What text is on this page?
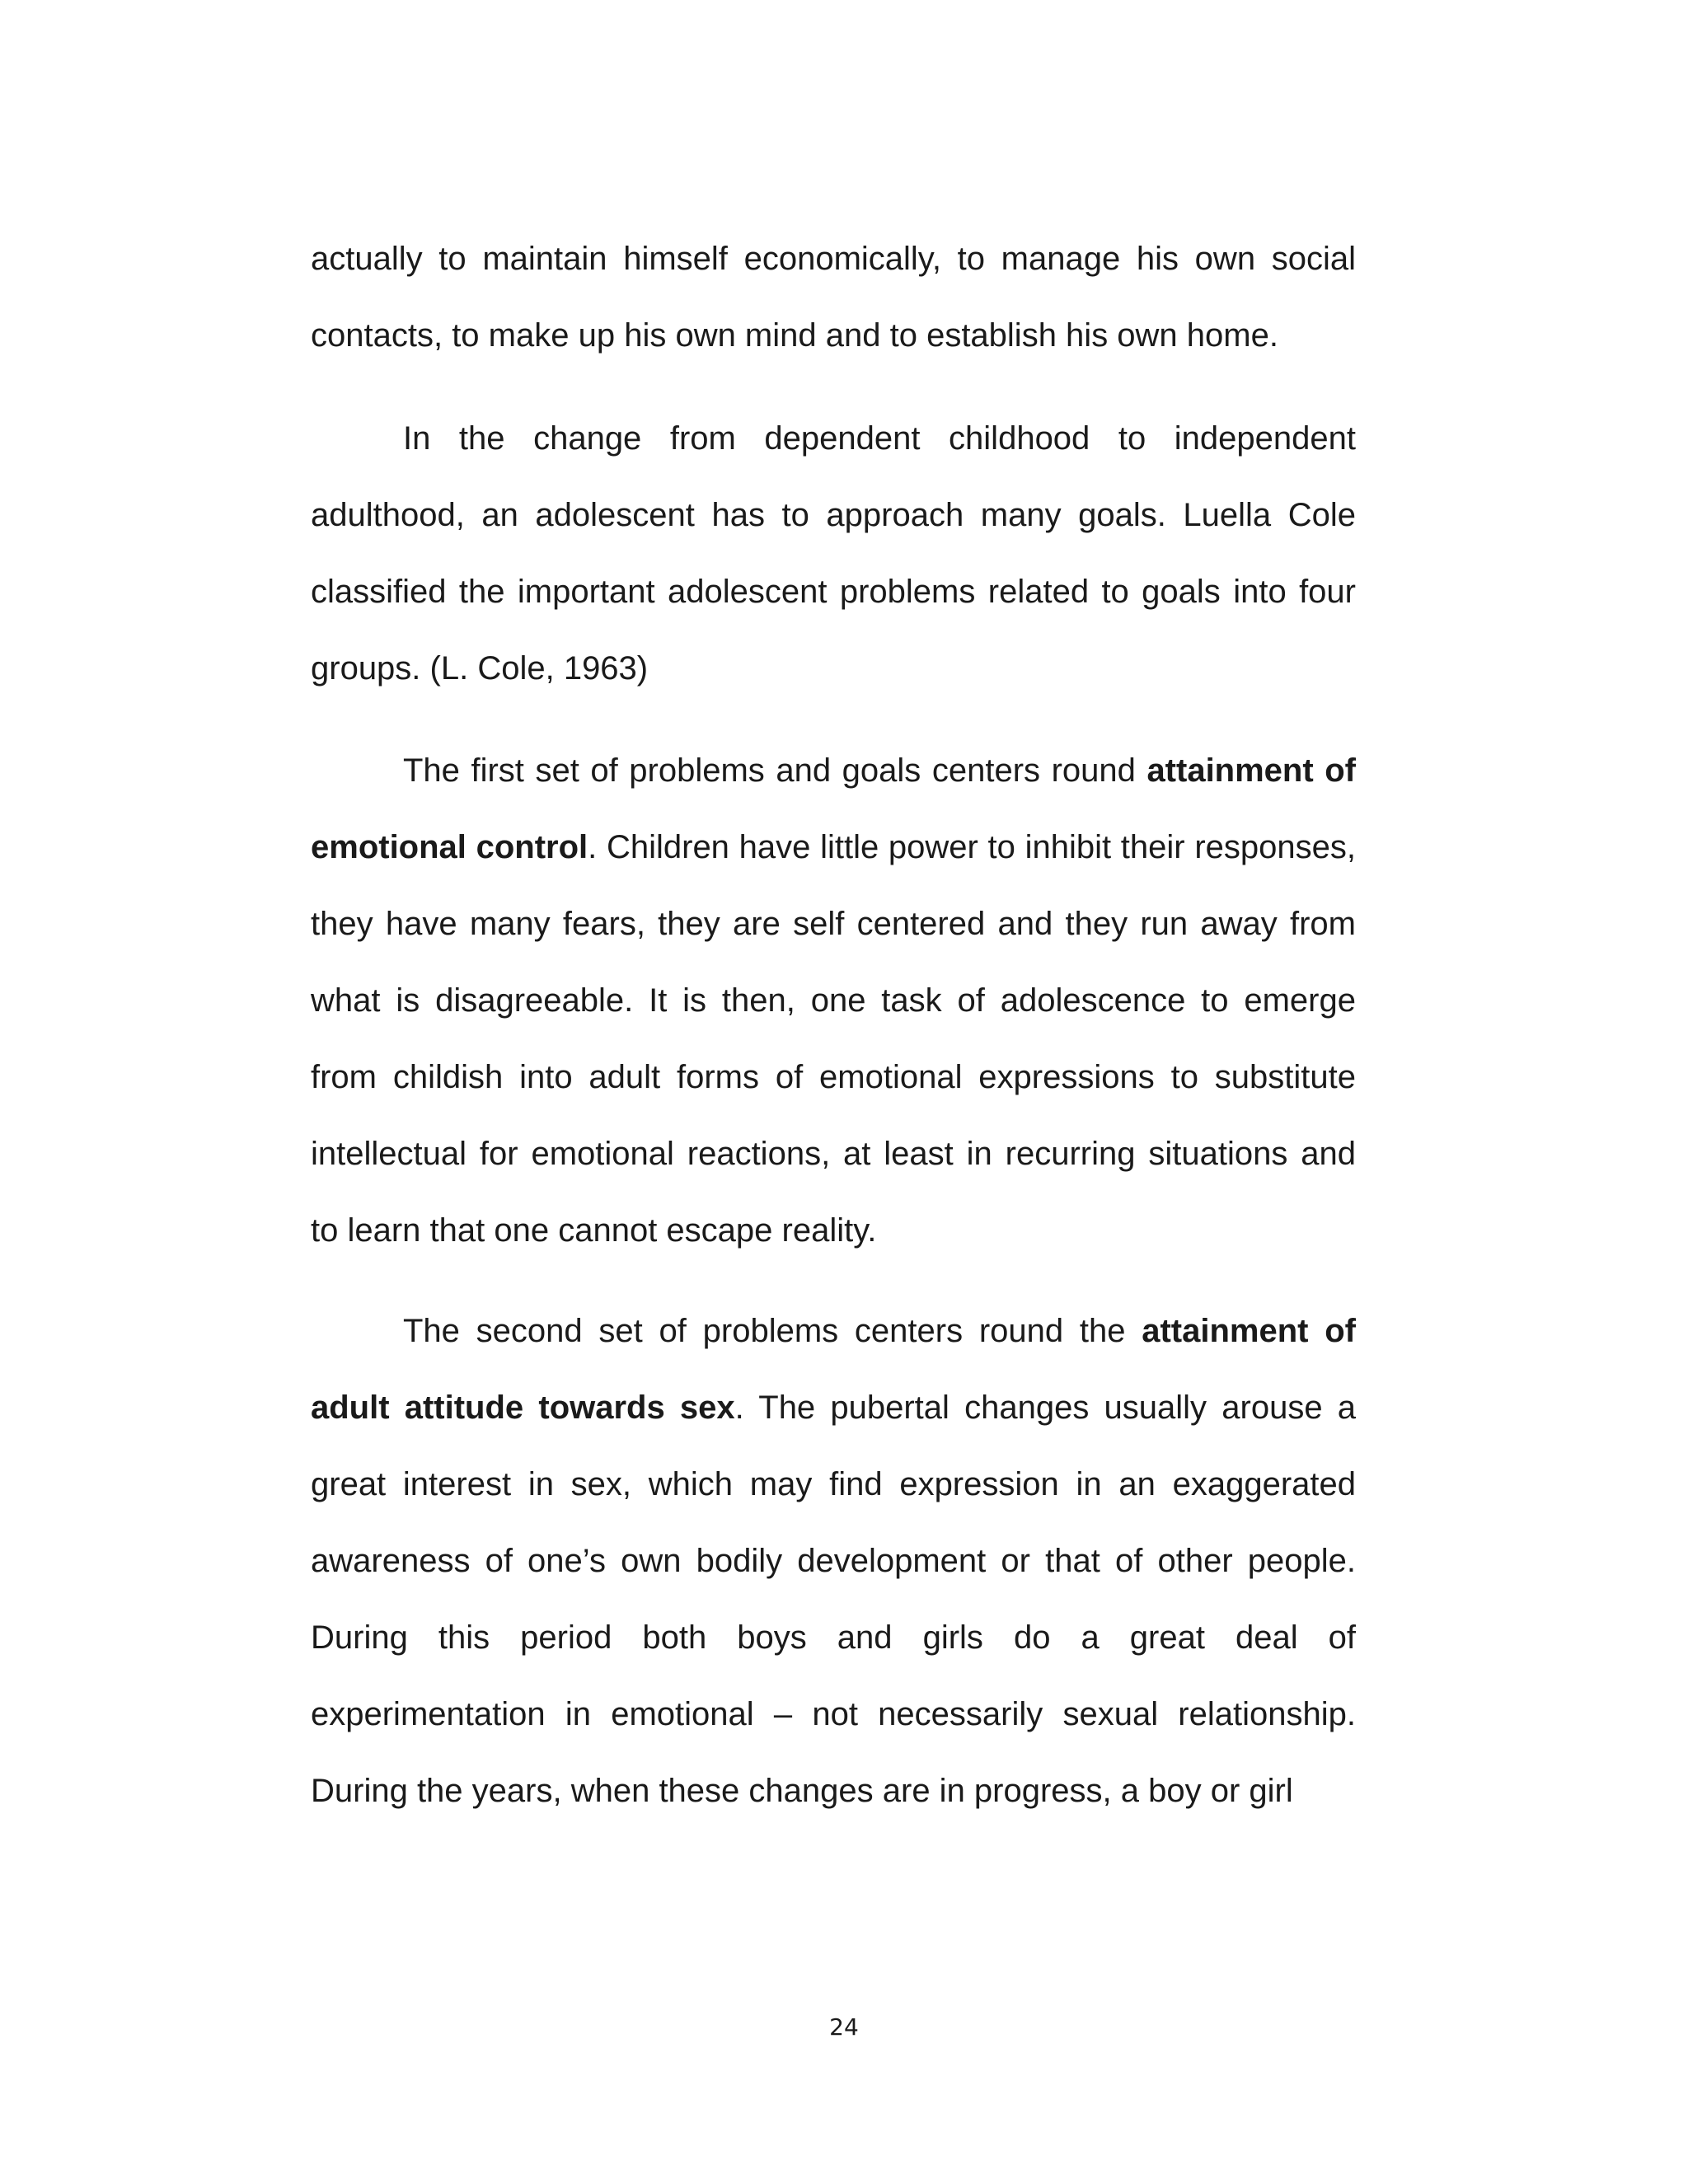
actually to maintain himself economically, to manage his own social contacts, to make up his own mind and to establish his own home.

In the change from dependent childhood to independent adulthood, an adolescent has to approach many goals. Luella Cole classified the important adolescent problems related to goals into four groups. (L. Cole, 1963)

The first set of problems and goals centers round attainment of emotional control. Children have little power to inhibit their responses, they have many fears, they are self centered and they run away from what is disagreeable. It is then, one task of adolescence to emerge from childish into adult forms of emotional expressions to substitute intellectual for emotional reactions, at least in recurring situations and to learn that one cannot escape reality.

The second set of problems centers round the attainment of adult attitude towards sex. The pubertal changes usually arouse a great interest in sex, which may find expression in an exaggerated awareness of one’s own bodily development or that of other people. During this period both boys and girls do a great deal of experimentation in emotional – not necessarily sexual relationship. During the years, when these changes are in progress, a boy or girl

24
